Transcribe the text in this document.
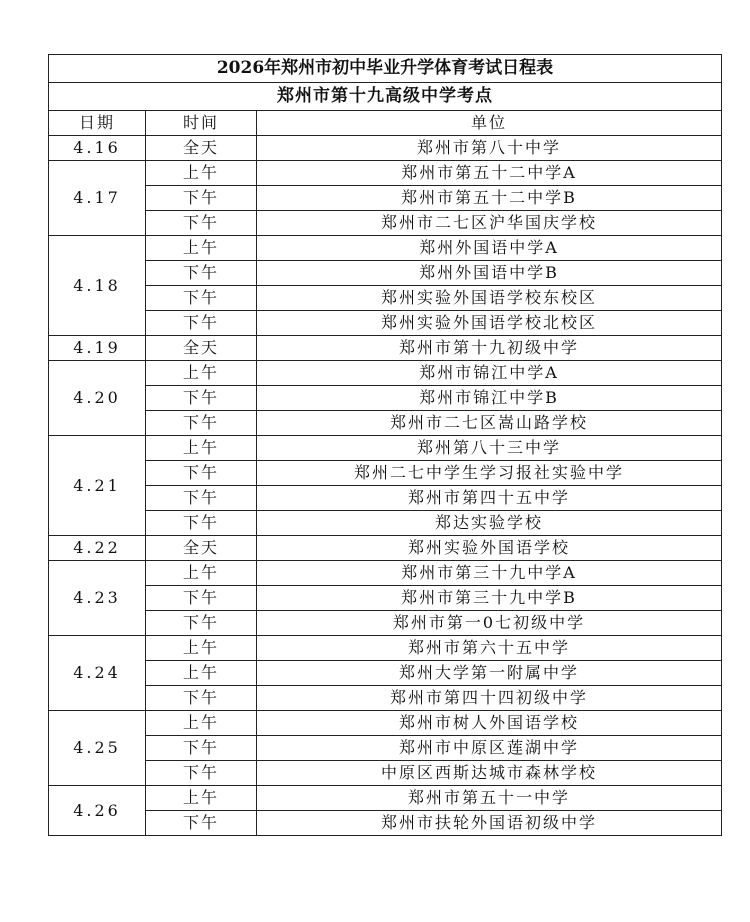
2026年郑州市初中毕业升学体育考试日程表		
郑州市第十九高级中学考点		
日期	时间	单位
4.16	全天	郑州市第八十中学
4.17	上午	郑州市第五十二中学A
	下午	郑州市第五十二中学B
	下午	郑州市二七区沪华国庆学校
4.18	上午	郑州外国语中学A
	下午	郑州外国语中学B
	下午	郑州实验外国语学校东校区
	下午	郑州实验外国语学校北校区
4.19	全天	郑州市第十九初级中学
4.20	上午	郑州市锦江中学A
	下午	郑州市锦江中学B
	下午	郑州市二七区嵩山路学校
4.21	上午	郑州第八十三中学
	下午	郑州二七中学生学习报社实验中学
	下午	郑州市第四十五中学
	下午	郑达实验学校
4.22	全天	郑州实验外国语学校
4.23	上午	郑州市第三十九中学A
	下午	郑州市第三十九中学B
	下午	郑州市第一0七初级中学
4.24	上午	郑州市第六十五中学
	上午	郑州大学第一附属中学
	下午	郑州市第四十四初级中学
4.25	上午	郑州市树人外国语学校
	下午	郑州市中原区莲湖中学
	下午	中原区西斯达城市森林学校
4.26	上午	郑州市第五十一中学
	下午	郑州市扶轮外国语初级中学
